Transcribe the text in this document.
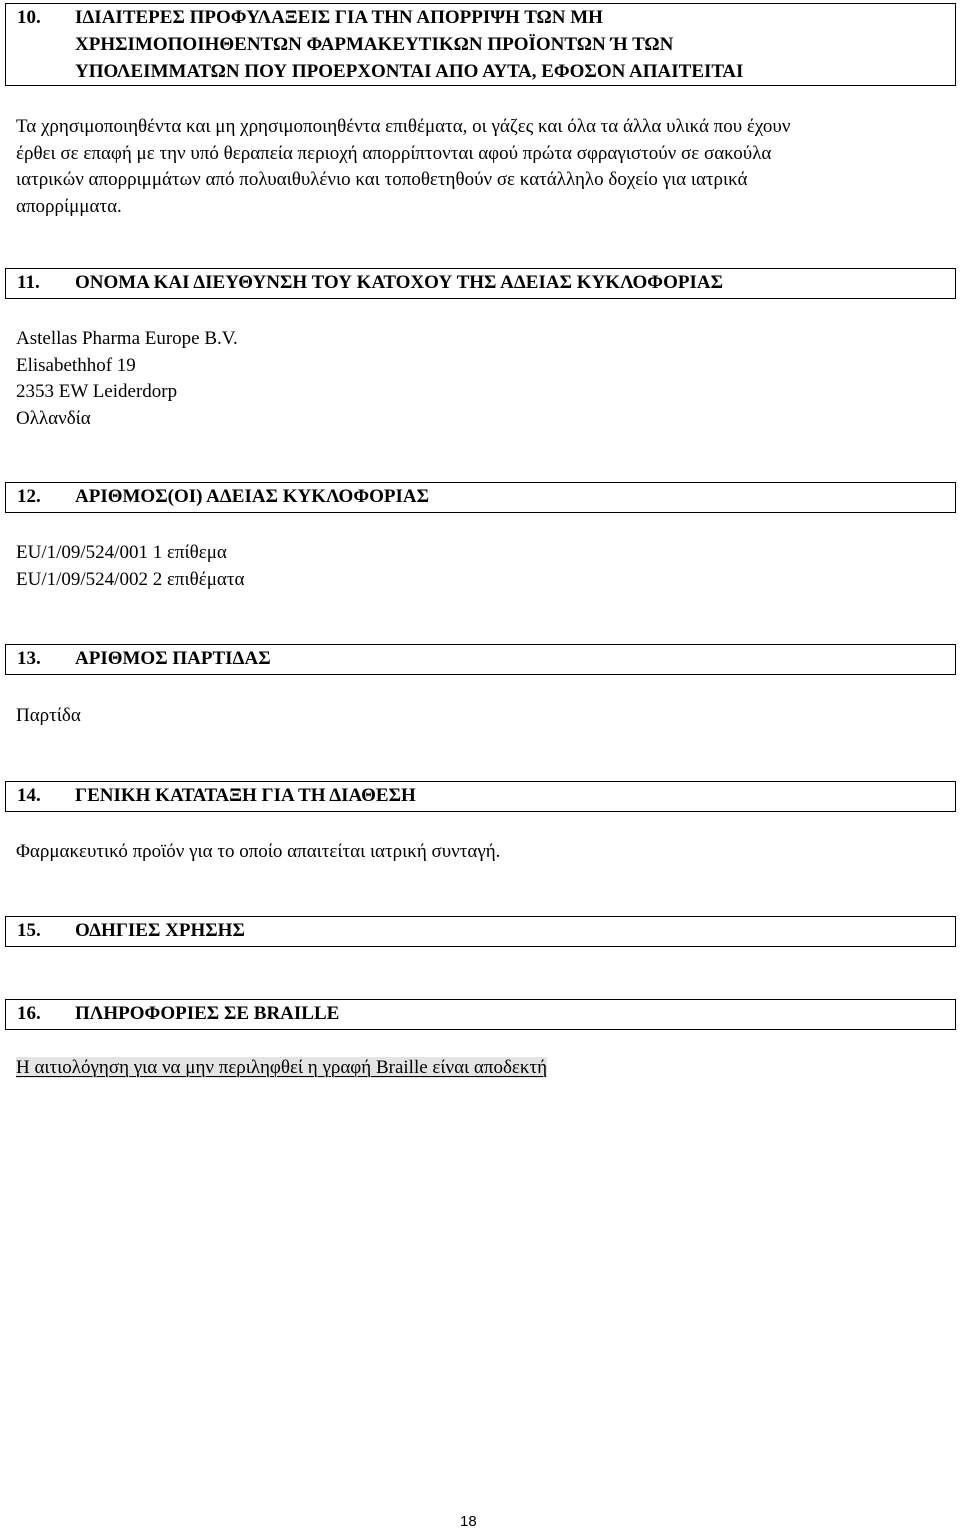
10. ΙΔΙΑΙΤΕΡΕΣ ΠΡΟΦΥΛΑΞΕΙΣ ΓΙΑ ΤΗΝ ΑΠΟΡΡΙΨΗ ΤΩΝ ΜΗ
ΧΡΗΣΙΜΟΠΟΙΗΘΕΝΤΩΝ ΦΑΡΜΑΚΕΥΤΙΚΩΝ ΠΡΟΪΟΝΤΩΝ Ή ΤΩΝ
ΥΠΟΛΕΙΜΜΑΤΩΝ ΠΟΥ ΠΡΟΕΡΧΟΝΤΑΙ ΑΠΟ ΑΥΤΑ, ΕΦΟΣΟΝ ΑΠΑΙΤΕΙΤΑΙ
Τα χρησιμοποιηθέντα και μη χρησιμοποιηθέντα επιθέματα, οι γάζες και όλα τα άλλα υλικά που έχουν
έρθει σε επαφή με την υπό θεραπεία περιοχή απορρίπτονται αφού πρώτα σφραγιστούν σε σακούλα
ιατρικών απορριμμάτων από πολυαιθυλένιο και τοποθετηθούν σε κατάλληλο δοχείο για ιατρικά
απορρίμματα.
11. ΟΝΟΜΑ ΚΑΙ ΔΙΕΥΘΥΝΣΗ ΤΟΥ ΚΑΤΟΧΟΥ ΤΗΣ ΑΔΕΙΑΣ ΚΥΚΛΟΦΟΡΙΑΣ
Astellas Pharma Europe B.V.
Elisabethhof 19
2353 EW Leiderdorp
Ολλανδία
12. ΑΡΙΘΜΟΣ(ΟΙ) ΑΔΕΙΑΣ ΚΥΚΛΟΦΟΡΙΑΣ
EU/1/09/524/001 1 επίθεμα
EU/1/09/524/002 2 επιθέματα
13. ΑΡΙΘΜΟΣ ΠΑΡΤΙΔΑΣ
Παρτίδα
14. ΓΕΝΙΚΗ ΚΑΤΑΤΑΞΗ ΓΙΑ ΤΗ ΔΙΑΘΕΣΗ
Φαρμακευτικό προϊόν για το οποίο απαιτείται ιατρική συνταγή.
15. ΟΔΗΓΙΕΣ ΧΡΗΣΗΣ
16. ΠΛΗΡΟΦΟΡΙΕΣ ΣΕ BRAILLE
Η αιτιολόγηση για να μην περιληφθεί η γραφή Braille είναι αποδεκτή
18
